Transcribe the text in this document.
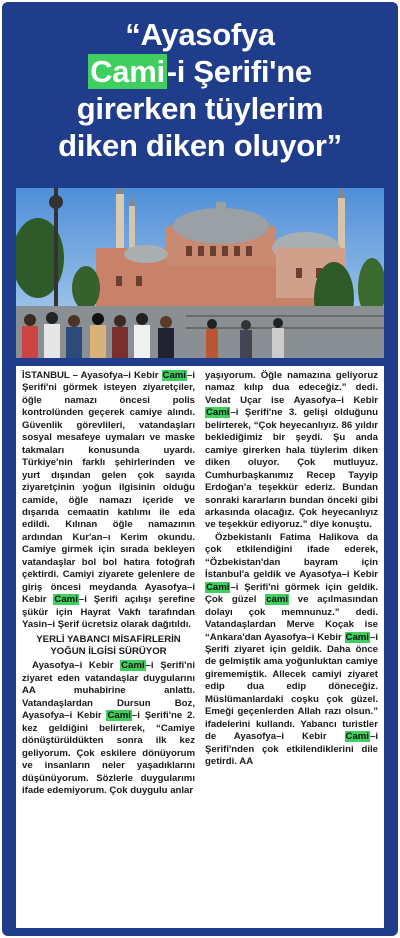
“Ayasofya
Cami-i Şerifi'ne
girerken tüylerim
diken diken oluyor”

İSTANBUL – Ayasofya–i Kebir Cami–i Şerifi'ni görmek isteyen ziyaretçiler, öğle namazı öncesi polis kontrolünden geçerek camiye alındı. Güvenlik görevlileri, vatandaşları sosyal mesafeye uymaları ve maske takmaları konusunda uyardı. Türkiye'nin farklı şehirlerinden ve yurt dışından gelen çok sayıda ziyaretçinin yoğun ilgisinin olduğu camide, öğle namazı içeride ve dışarıda cemaatin katılımı ile eda edildi. Kılınan öğle namazının ardından Kur'an–ı Kerim okundu. Camiye girmek için sırada bekleyen vatandaşlar bol bol hatıra fotoğrafı çektirdi. Camiyi ziyarete gelenlere de giriş öncesi meydanda Ayasofya–i Kebir Cami–i Şerifi açılışı şerefine şükür için Hayrat Vakfı tarafından Yasin–i Şerif ücretsiz olarak dağıtıldı.

YERLİ YABANCI MİSAFİRLERİN YOĞUN İLGİSİ SÜRÜYOR

Ayasofya–i Kebir Cami–i Şerifi'ni ziyaret eden vatandaşlar duygularını AA muhabirine anlattı. Vatandaşlardan Dursun Boz, Ayasofya–i Kebir Cami–i Şerifi'ne 2. kez geldiğini belirterek, “Camiye dönüştürüldükten sonra ilk kez geliyorum. Çok eskilere dönüyorum ve insanların neler yaşadıklarını düşünüyorum. Sözlerle duygularımı ifade edemiyorum. Çok duygulu anlar

yaşıyorum. Öğle namazına geliyoruz namaz kılıp dua edeceğiz.” dedi. Vedat Uçar ise Ayasofya–i Kebir Cami–i Şerifi'ne 3. gelişi olduğunu belirterek, “Çok heyecanlıyız. 86 yıldır beklediğimiz bir şeydi. Şu anda camiye girerken hala tüylerim diken diken oluyor. Çok mutluyuz. Cumhurbaşkanımız Recep Tayyip Erdoğan'a teşekkür ederiz. Bundan sonraki kararların bundan önceki gibi arkasında olacağız. Çok heyecanlıyız ve teşekkür ediyoruz.” diye konuştu.

Özbekistanlı Fatima Halikova da çok etkilendiğini ifade ederek, “Özbekistan'dan bayram için İstanbul'a geldik ve Ayasofya–i Kebir Cami–i Şerifi'ni görmek için geldik. Çok güzel cami ve açılmasından dolayı çok memnunuz.” dedi. Vatandaşlardan Merve Koçak ise “Ankara'dan Ayasofya–i Kebir Cami–i Şerifi ziyaret için geldik. Daha önce de gelmiştik ama yoğunluktan camiye girememiştik. Allecek camiyi ziyaret edip dua edip döneceğiz. Müslümanlardaki coşku çok güzel. Emeği geçenlerden Allah razı olsun.” ifadelerini kullandı. Yabancı turistler de Ayasofya–i Kebir Cami–i Şerifi'nden çok etkilendiklerini dile getirdi. AA
